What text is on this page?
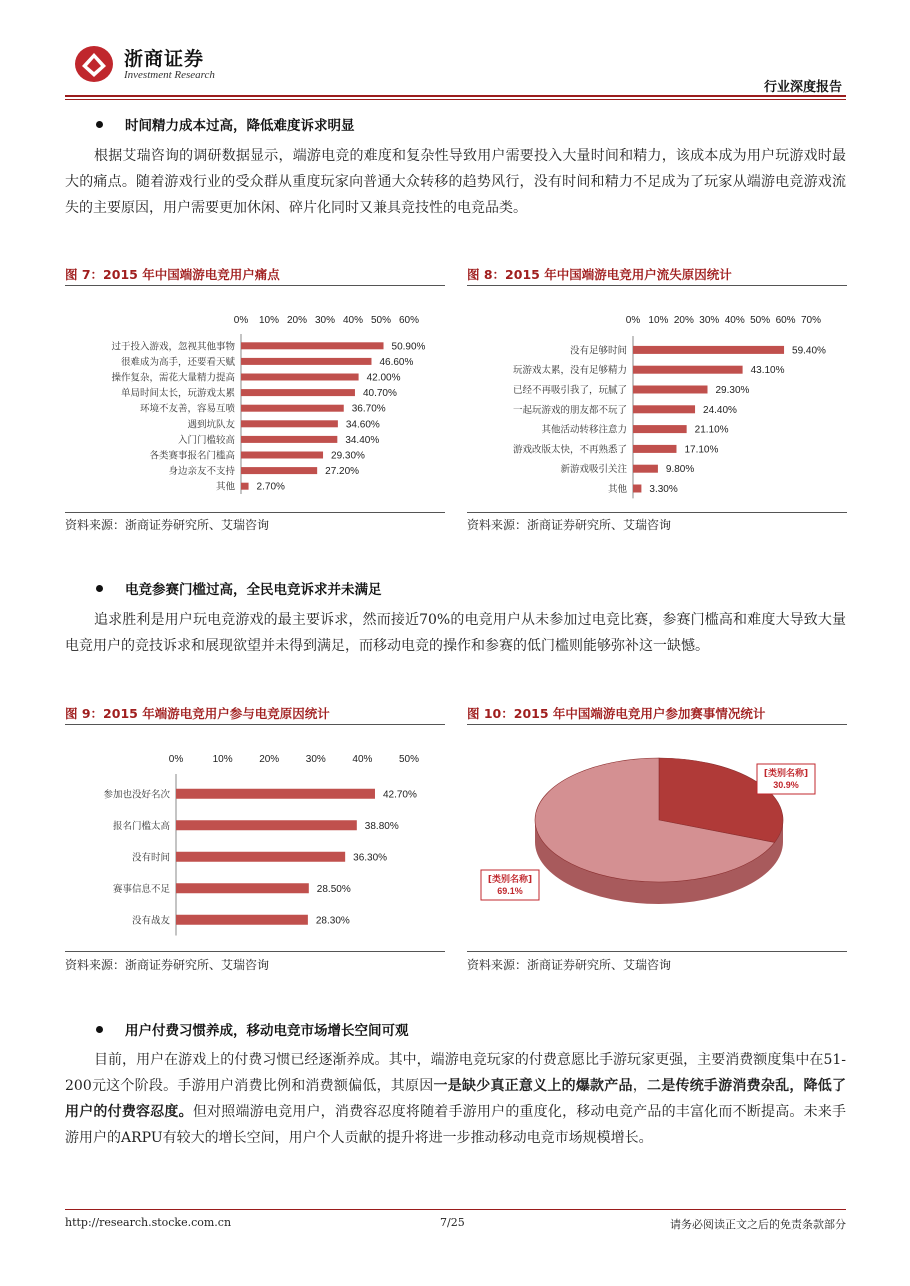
浙商证券
Investment Research
行业深度报告
时间精力成本过高，降低难度诉求明显

根据艾瑞咨询的调研数据显示，端游电竞的难度和复杂性导致用户需要投入大量时间和精力，该成本成为用户玩游戏时最大的痛点。随着游戏行业的受众群从重度玩家向普通大众转移的趋势风行，没有时间和精力不足成为了玩家从端游电竞游戏流失的主要原因，用户需要更加休闲、碎片化同时又兼具竞技性的电竞品类。

图 7：2015 年中国端游电竞用户痛点
0% 10% 20% 30% 40% 50% 60%
过于投入游戏，忽视其他事物	50.90%
很难成为高手，还要看天赋	46.60%
操作复杂，需花大量精力提高	42.00%
单局时间太长，玩游戏太累	40.70%
环境不友善，容易互喷	36.70%
遇到坑队友	34.60%
入门门槛较高	34.40%
各类赛事报名门槛高	29.30%
身边亲友不支持	27.20%
其他 2.70%
资料来源：浙商证券研究所、艾瑞咨询
图 8：2015 年中国端游电竞用户流失原因统计
0% 10% 20% 30% 40% 50% 60% 70%
没有足够时间	59.40%
玩游戏太累，没有足够精力	43.10%
已经不再吸引我了，玩腻了	29.30%
一起玩游戏的朋友都不玩了	24.40%
其他活动转移注意力	21.10%
游戏改版太快，不再熟悉了	17.10%
新游戏吸引关注	9.80%
其他 3.30%
资料来源：浙商证券研究所、艾瑞咨询
电竞参赛门槛过高，全民电竞诉求并未满足

追求胜利是用户玩电竞游戏的最主要诉求，然而接近70%的电竞用户从未参加过电竞比赛，参赛门槛高和难度大导致大量电竞用户的竞技诉求和展现欲望并未得到满足，而移动电竞的操作和参赛的低门槛则能够弥补这一缺憾。

图 9：2015 年端游电竞用户参与电竞原因统计
0%	10%	20%	30%	40%	50%
参加也没好名次	42.70%
报名门槛太高	38.80%
没有时间	36.30%
赛事信息不足	28.50%
没有战友	28.30%
资料来源：浙商证券研究所、艾瑞咨询
图 10：2015 年中国端游电竞用户参加赛事情况统计
[类别名称]
30.9%
[类别名称]
69.1%
资料来源：浙商证券研究所、艾瑞咨询
用户付费习惯养成，移动电竞市场增长空间可观

目前，用户在游戏上的付费习惯已经逐渐养成。其中，端游电竞玩家的付费意愿比手游玩家更强，主要消费额度集中在51-200元这个阶段。手游用户消费比例和消费额偏低，其原因一是缺少真正意义上的爆款产品，二是传统手游消费杂乱，降低了用户的付费容忍度。但对照端游电竞用户，消费容忍度将随着手游用户的重度化，移动电竞产品的丰富化而不断提高。未来手游用户的ARPU有较大的增长空间，用户个人贡献的提升将进一步推动移动电竞市场规模增长。

http://research.stocke.com.cn	7/25	请务必阅读正文之后的免责条款部分
